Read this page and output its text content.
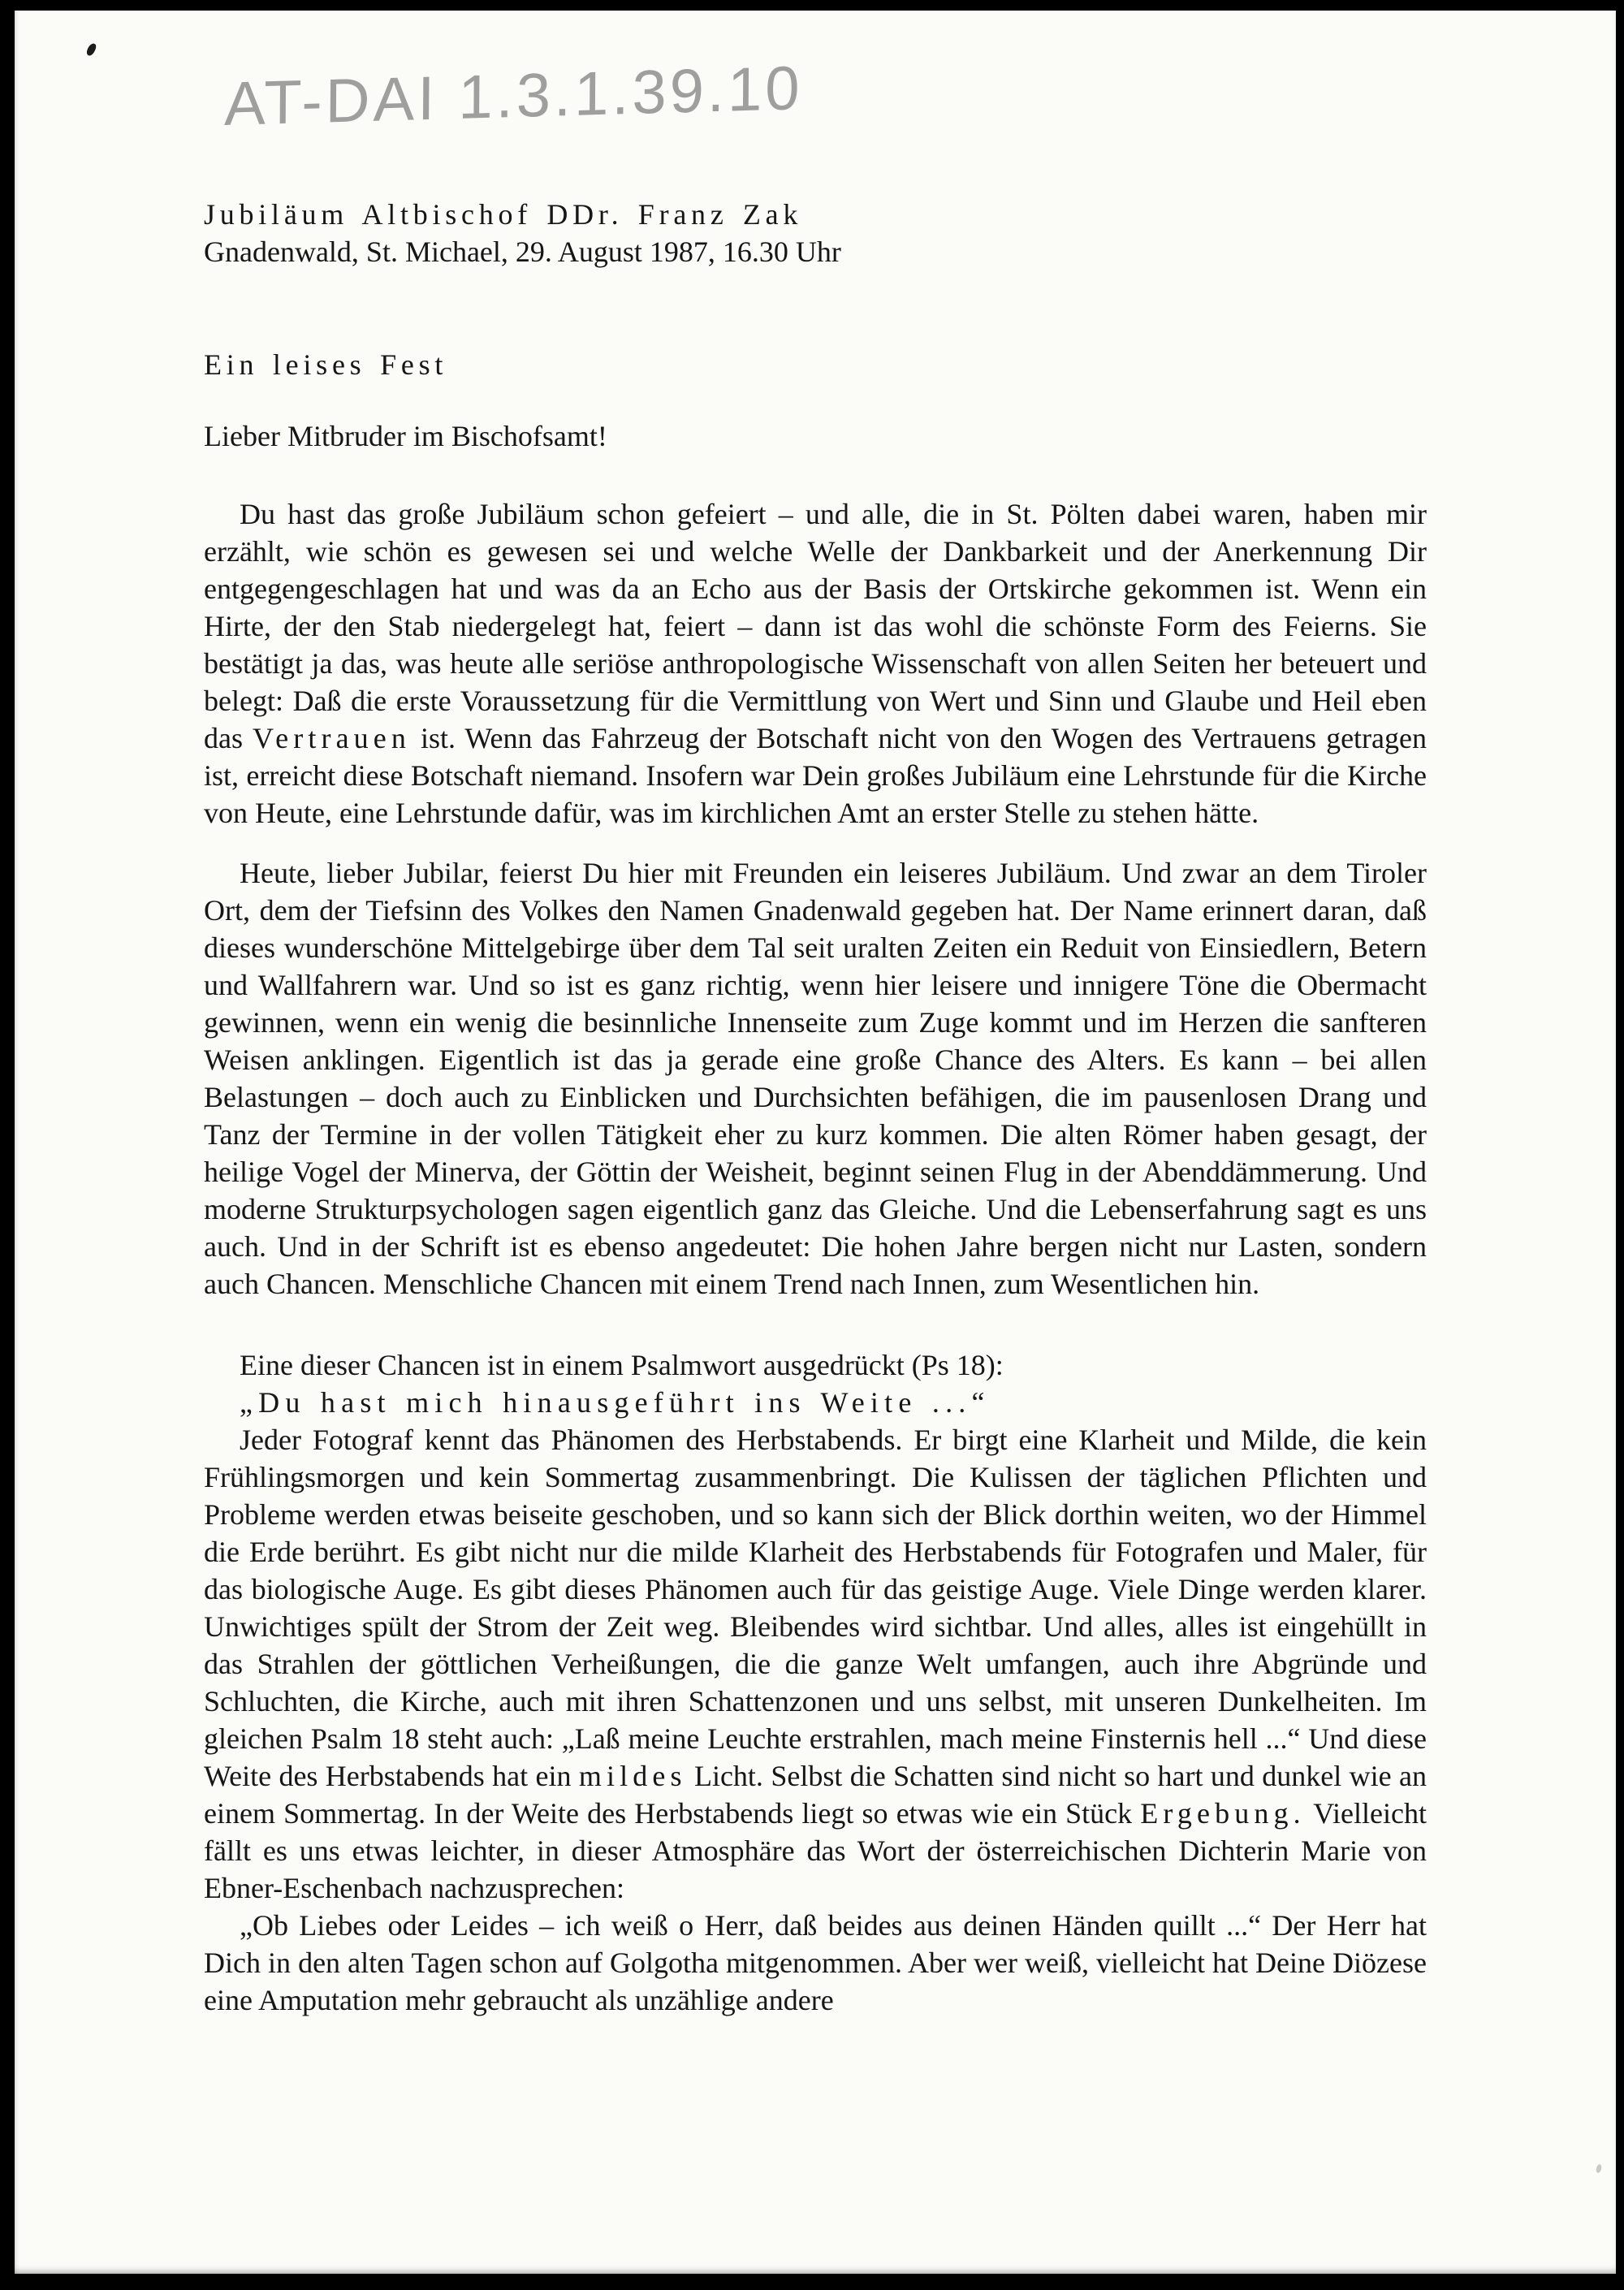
AT-DAI 1.3.1.39.10
Jubiläum Altbischof DDr. Franz Zak
Gnadenwald, St. Michael, 29. August 1987, 16.30 Uhr
Ein leises Fest

Lieber Mitbruder im Bischofsamt!

Du hast das große Jubiläum schon gefeiert – und alle, die in St. Pölten dabei waren, haben mir erzählt, wie schön es gewesen sei und welche Welle der Dankbarkeit und der Anerkennung Dir entgegengeschlagen hat und was da an Echo aus der Basis der Ortskirche gekommen ist. Wenn ein Hirte, der den Stab niedergelegt hat, feiert – dann ist das wohl die schönste Form des Feierns. Sie bestätigt ja das, was heute alle seriöse anthropologische Wissenschaft von allen Seiten her beteuert und belegt: Daß die erste Voraussetzung für die Vermittlung von Wert und Sinn und Glaube und Heil eben das Vertrauen ist. Wenn das Fahrzeug der Botschaft nicht von den Wogen des Vertrauens getragen ist, erreicht diese Botschaft niemand. Insofern war Dein großes Jubiläum eine Lehrstunde für die Kirche von Heute, eine Lehrstunde dafür, was im kirchlichen Amt an erster Stelle zu stehen hätte.

Heute, lieber Jubilar, feierst Du hier mit Freunden ein leiseres Jubiläum. Und zwar an dem Tiroler Ort, dem der Tiefsinn des Volkes den Namen Gnadenwald gegeben hat. Der Name erinnert daran, daß dieses wunderschöne Mittelgebirge über dem Tal seit uralten Zeiten ein Reduit von Einsiedlern, Betern und Wallfahrern war. Und so ist es ganz richtig, wenn hier leisere und innigere Töne die Obermacht gewinnen, wenn ein wenig die besinnliche Innenseite zum Zuge kommt und im Herzen die sanfteren Weisen anklingen. Eigentlich ist das ja gerade eine große Chance des Alters. Es kann – bei allen Belastungen – doch auch zu Einblicken und Durchsichten befähigen, die im pausenlosen Drang und Tanz der Termine in der vollen Tätigkeit eher zu kurz kommen. Die alten Römer haben gesagt, der heilige Vogel der Minerva, der Göttin der Weisheit, beginnt seinen Flug in der Abenddämmerung. Und moderne Strukturpsychologen sagen eigentlich ganz das Gleiche. Und die Lebenserfahrung sagt es uns auch. Und in der Schrift ist es ebenso angedeutet: Die hohen Jahre bergen nicht nur Lasten, sondern auch Chancen. Menschliche Chancen mit einem Trend nach Innen, zum Wesentlichen hin.

Eine dieser Chancen ist in einem Psalmwort ausgedrückt (Ps 18):

„Du hast mich hinausgeführt ins Weite ...“

Jeder Fotograf kennt das Phänomen des Herbstabends. Er birgt eine Klarheit und Milde, die kein Frühlingsmorgen und kein Sommertag zusammenbringt. Die Kulissen der täglichen Pflichten und Probleme werden etwas beiseite geschoben, und so kann sich der Blick dorthin weiten, wo der Himmel die Erde berührt. Es gibt nicht nur die milde Klarheit des Herbstabends für Fotografen und Maler, für das biologische Auge. Es gibt dieses Phänomen auch für das geistige Auge. Viele Dinge werden klarer. Unwichtiges spült der Strom der Zeit weg. Bleibendes wird sichtbar. Und alles, alles ist eingehüllt in das Strahlen der göttlichen Verheißungen, die die ganze Welt umfangen, auch ihre Abgründe und Schluchten, die Kirche, auch mit ihren Schattenzonen und uns selbst, mit unseren Dunkelheiten. Im gleichen Psalm 18 steht auch: „Laß meine Leuchte erstrahlen, mach meine Finsternis hell ...“ Und diese Weite des Herbstabends hat ein mildes Licht. Selbst die Schatten sind nicht so hart und dunkel wie an einem Sommertag. In der Weite des Herbstabends liegt so etwas wie ein Stück Ergebung. Vielleicht fällt es uns etwas leichter, in dieser Atmosphäre das Wort der österreichischen Dichterin Marie von Ebner-Eschenbach nachzusprechen:

„Ob Liebes oder Leides – ich weiß o Herr, daß beides aus deinen Händen quillt ...“ Der Herr hat Dich in den alten Tagen schon auf Golgotha mitgenommen. Aber wer weiß, vielleicht hat Deine Diözese eine Amputation mehr gebraucht als unzählige andere
